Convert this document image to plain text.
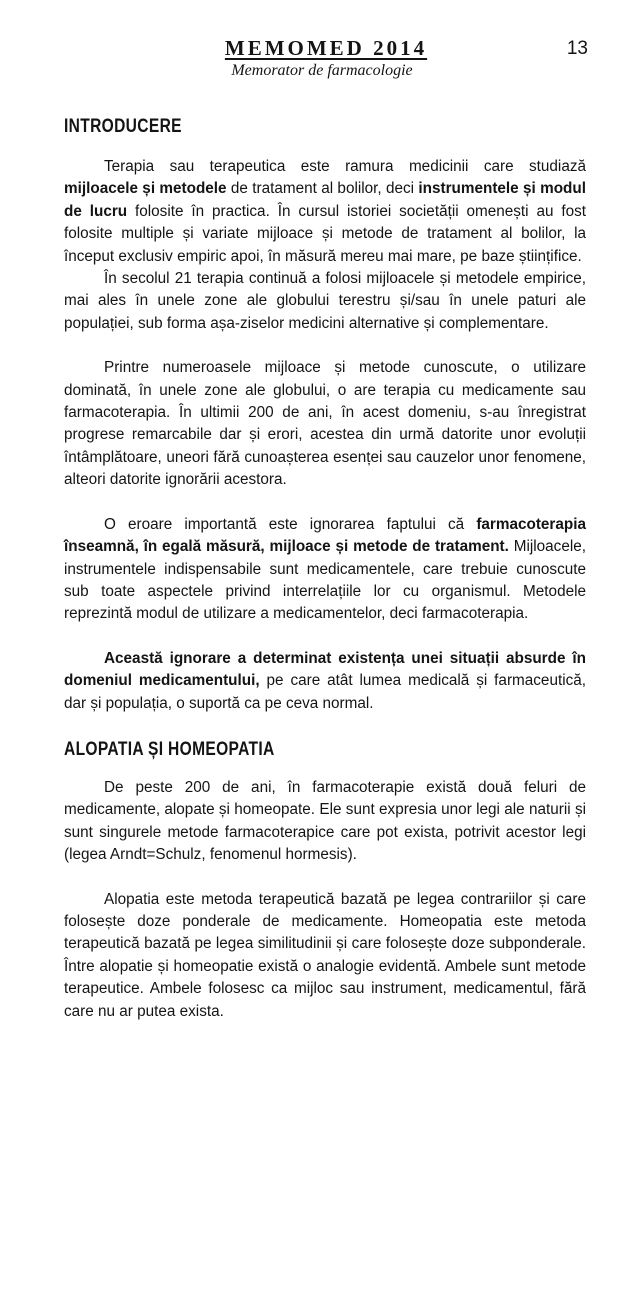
MEMOMED 2014
Memorator de farmacologie
13
INTRODUCERE

Terapia sau terapeutica este ramura medicinii care studiază mijloacele și metodele de tratament al bolilor, deci instrumentele și modul de lucru folosite în practica. În cursul istoriei societății omenești au fost folosite multiple și variate mijloace și metode de tratament al bolilor, la început exclusiv empiric apoi, în măsură mereu mai mare, pe baze științifice.

În secolul 21 terapia continuă a folosi mijloacele și metodele empirice, mai ales în unele zone ale globului terestru și/sau în unele paturi ale populației, sub forma așa-ziselor medicini alternative și complementare.

Printre numeroasele mijloace și metode cunoscute, o utilizare dominată, în unele zone ale globului, o are terapia cu medicamente sau farmacoterapia. În ultimii 200 de ani, în acest domeniu, s-au înregistrat progrese remarcabile dar și erori, acestea din urmă datorite unor evoluții întâmplătoare, uneori fără cunoașterea esenței sau cauzelor unor fenomene, alteori datorite ignorării acestora.

O eroare importantă este ignorarea faptului că farmacoterapia înseamnă, în egală măsură, mijloace și metode de tratament. Mijloacele, instrumentele indispensabile sunt medicamentele, care trebuie cunoscute sub toate aspectele privind interrelațiile lor cu organismul. Metodele reprezintă modul de utilizare a medicamentelor, deci farmacoterapia.

Această ignorare a determinat existența unei situații absurde în domeniul medicamentului, pe care atât lumea medicală și farmaceutică, dar și populația, o suportă ca pe ceva normal.

ALOPATIA ȘI HOMEOPATIA

De peste 200 de ani, în farmacoterapie există două feluri de medicamente, alopate și homeopate. Ele sunt expresia unor legi ale naturii și sunt singurele metode farmacoterapice care pot exista, potrivit acestor legi (legea Arndt=Schulz, fenomenul hormesis).

Alopatia este metoda terapeutică bazată pe legea contrariilor și care folosește doze ponderale de medicamente. Homeopatia este metoda terapeutică bazată pe legea similitudinii și care folosește doze subponderale. Între alopatie și homeopatie există o analogie evidentă. Ambele sunt metode terapeutice. Ambele folosesc ca mijloc sau instrument, medicamentul, fără care nu ar putea exista.
